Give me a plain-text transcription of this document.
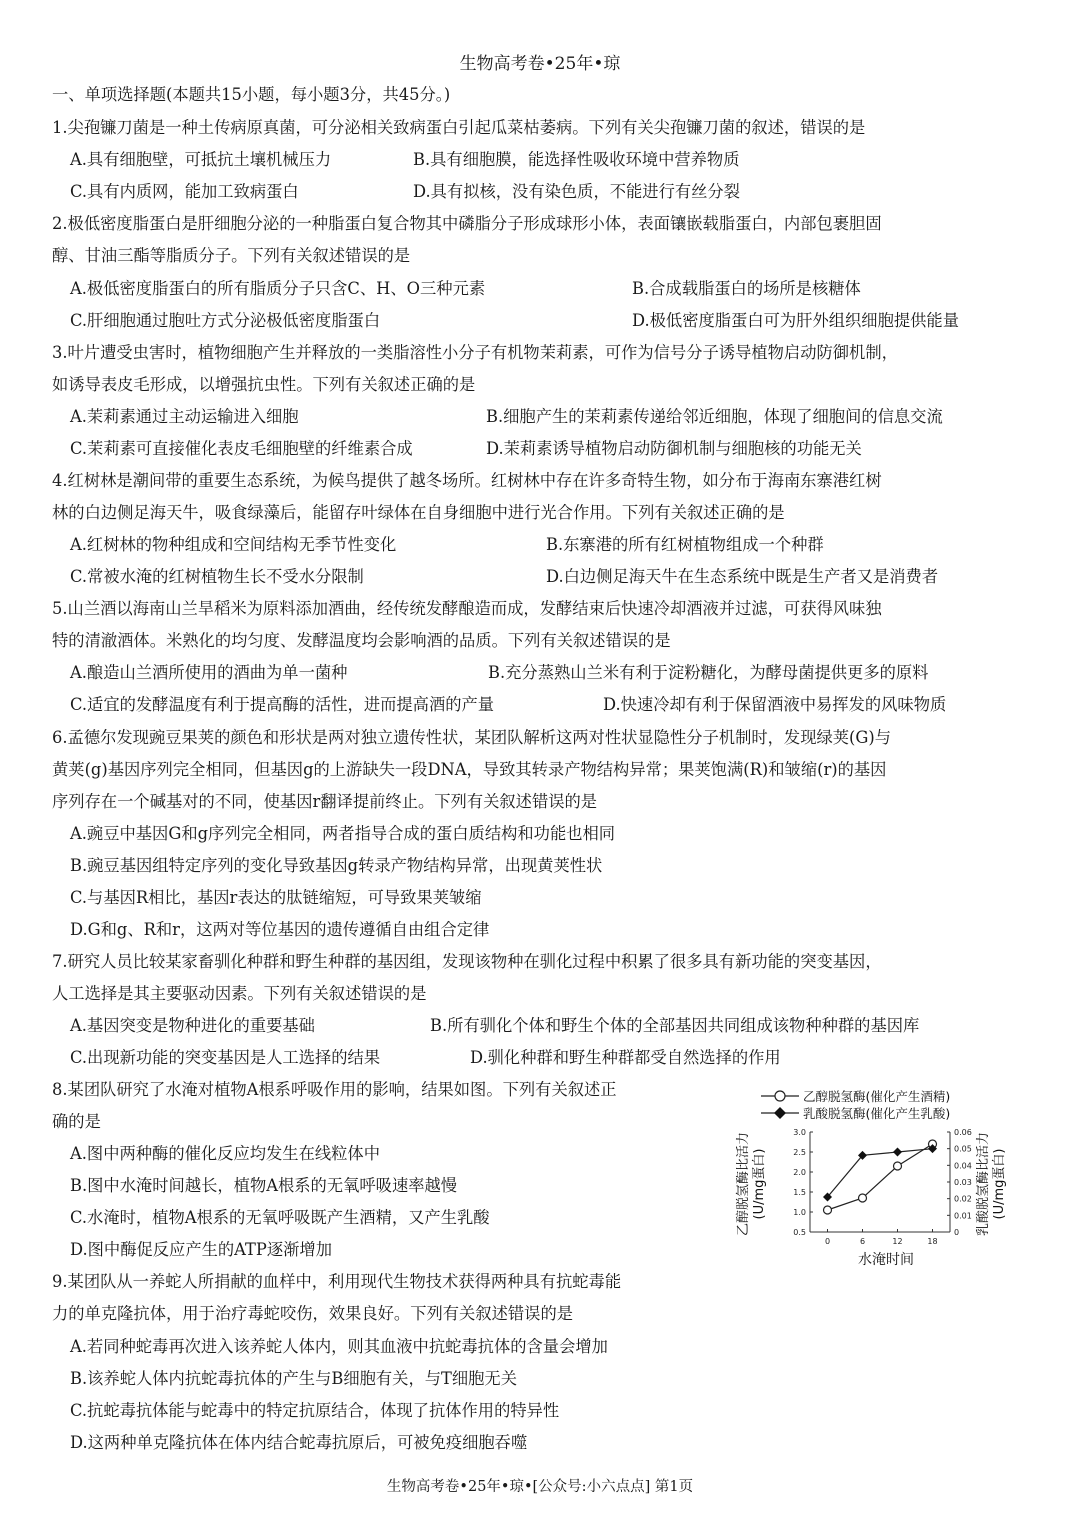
生物高考卷•25年•琼
一、单项选择题(本题共15小题，每小题3分，共45分。)
1.尖孢镰刀菌是一种土传病原真菌，可分泌相关致病蛋白引起瓜菜枯萎病。下列有关尖孢镰刀菌的叙述，错误的是
A.具有细胞壁，可抵抗土壤机械压力	B.具有细胞膜，能选择性吸收环境中营养物质
C.具有内质网，能加工致病蛋白	D.具有拟核，没有染色质，不能进行有丝分裂
2.极低密度脂蛋白是肝细胞分泌的一种脂蛋白复合物其中磷脂分子形成球形小体，表面镶嵌载脂蛋白，内部包裹胆固
醇、甘油三酯等脂质分子。下列有关叙述错误的是
A.极低密度脂蛋白的所有脂质分子只含C、H、O三种元素	B.合成载脂蛋白的场所是核糖体
C.肝细胞通过胞吐方式分泌极低密度脂蛋白	D.极低密度脂蛋白可为肝外组织细胞提供能量
3.叶片遭受虫害时，植物细胞产生并释放的一类脂溶性小分子有机物茉莉素，可作为信号分子诱导植物启动防御机制，
如诱导表皮毛形成，以增强抗虫性。下列有关叙述正确的是
A.茉莉素通过主动运输进入细胞	B.细胞产生的茉莉素传递给邻近细胞，体现了细胞间的信息交流
C.茉莉素可直接催化表皮毛细胞壁的纤维素合成	D.茉莉素诱导植物启动防御机制与细胞核的功能无关
4.红树林是潮间带的重要生态系统，为候鸟提供了越冬场所。红树林中存在许多奇特生物，如分布于海南东寨港红树
林的白边侧足海天牛，吸食绿藻后，能留存叶绿体在自身细胞中进行光合作用。下列有关叙述正确的是
A.红树林的物种组成和空间结构无季节性变化	B.东寨港的所有红树植物组成一个种群
C.常被水淹的红树植物生长不受水分限制	D.白边侧足海天牛在生态系统中既是生产者又是消费者
5.山兰酒以海南山兰旱稻米为原料添加酒曲，经传统发酵酿造而成，发酵结束后快速冷却酒液并过滤，可获得风味独
特的清澈酒体。米熟化的均匀度、发酵温度均会影响酒的品质。下列有关叙述错误的是
A.酿造山兰酒所使用的酒曲为单一菌种	B.充分蒸熟山兰米有利于淀粉糖化，为酵母菌提供更多的原料
C.适宜的发酵温度有利于提高酶的活性，进而提高酒的产量	D.快速冷却有利于保留酒液中易挥发的风味物质
6.孟德尔发现豌豆果荚的颜色和形状是两对独立遗传性状，某团队解析这两对性状显隐性分子机制时，发现绿荚(G)与
黄荚(g)基因序列完全相同，但基因g的上游缺失一段DNA，导致其转录产物结构异常；果荚饱满(R)和皱缩(r)的基因
序列存在一个碱基对的不同，使基因r翻译提前终止。下列有关叙述错误的是
A.豌豆中基因G和g序列完全相同，两者指导合成的蛋白质结构和功能也相同
B.豌豆基因组特定序列的变化导致基因g转录产物结构异常，出现黄荚性状
C.与基因R相比，基因r表达的肽链缩短，可导致果荚皱缩
D.G和g、R和r，这两对等位基因的遗传遵循自由组合定律
7.研究人员比较某家畜驯化种群和野生种群的基因组，发现该物种在驯化过程中积累了很多具有新功能的突变基因，
人工选择是其主要驱动因素。下列有关叙述错误的是
A.基因突变是物种进化的重要基础	B.所有驯化个体和野生个体的全部基因共同组成该物种种群的基因库
C.出现新功能的突变基因是人工选择的结果	D.驯化种群和野生种群都受自然选择的作用
8.某团队研究了水淹对植物A根系呼吸作用的影响，结果如图。下列有关叙述正
确的是
A.图中两种酶的催化反应均发生在线粒体中
B.图中水淹时间越长，植物A根系的无氧呼吸速率越慢
C.水淹时，植物A根系的无氧呼吸既产生酒精，又产生乳酸
D.图中酶促反应产生的ATP逐渐增加
乙醇脱氢酶(催化产生酒精)
乳酸脱氢酶(催化产生乳酸)
0.5
1.0
1.5
2.0
2.5
3.0
0
0.01
0.02
0.03
0.04
0.05
0.06
0	6	12	18
水淹时间
乙醇脱氢酶比活力(U/mg蛋白)	乳酸脱氢酶比活力(U/mg蛋白)
9.某团队从一养蛇人所捐献的血样中，利用现代生物技术获得两种具有抗蛇毒能
力的单克隆抗体，用于治疗毒蛇咬伤，效果良好。下列有关叙述错误的是
A.若同种蛇毒再次进入该养蛇人体内，则其血液中抗蛇毒抗体的含量会增加
B.该养蛇人体内抗蛇毒抗体的产生与B细胞有关，与T细胞无关
C.抗蛇毒抗体能与蛇毒中的特定抗原结合，体现了抗体作用的特异性
D.这两种单克隆抗体在体内结合蛇毒抗原后，可被免疫细胞吞噬
生物高考卷•25年•琼•[公众号:小六点点] 第1页
